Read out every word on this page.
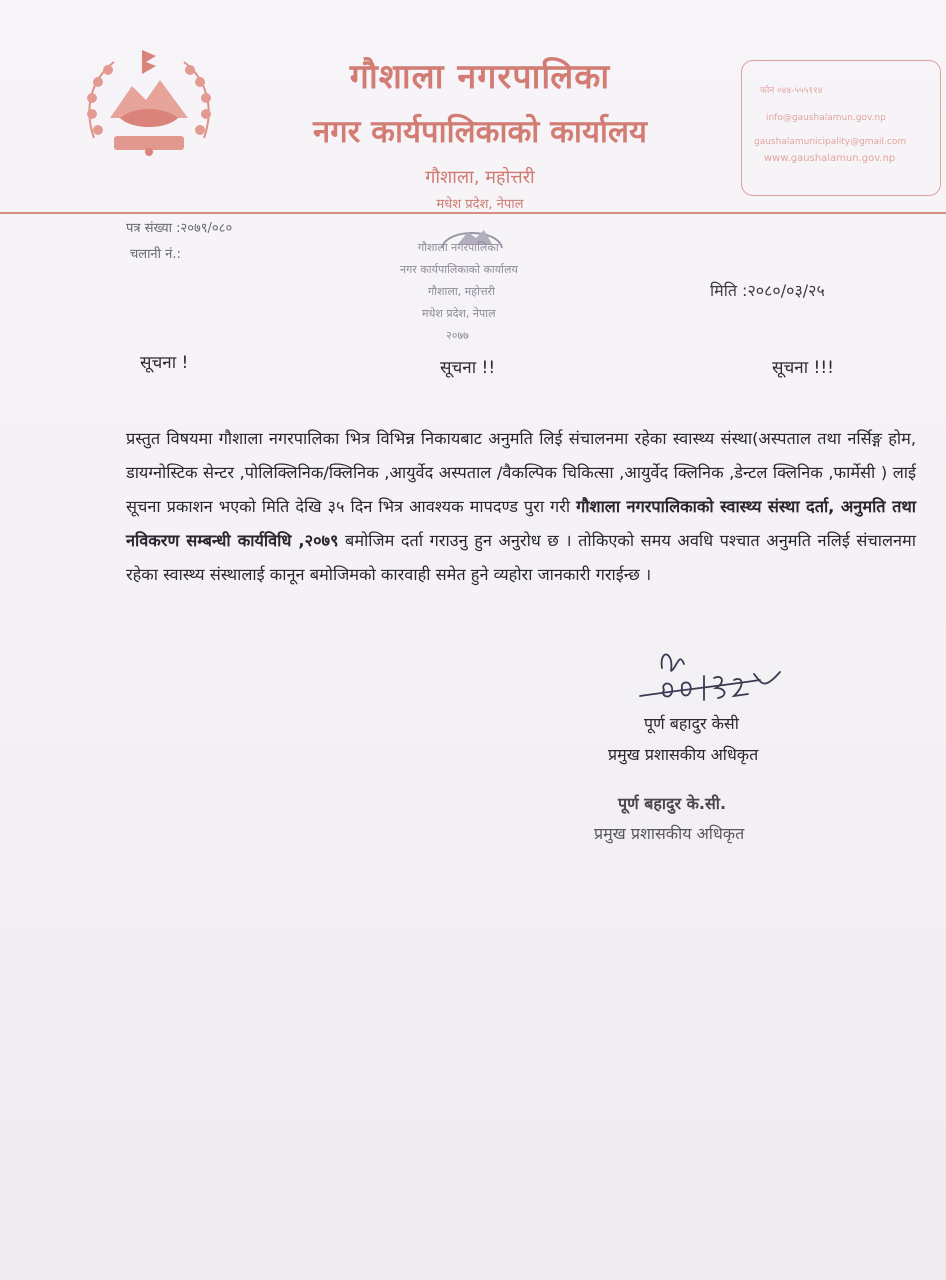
गौशाला नगरपालिका
नगर कार्यपालिकाको कार्यालय
गौशाला, महोत्तरी
मधेश प्रदेश, नेपाल
फोन ०४४-५५५११४
info@gaushalamun.gov.np
gaushalamunicipality@gmail.com
www.gaushalamun.gov.np
पत्र संख्या :२०७९/०८०
चलानी नं.:	गौशाला नगरपालिका
नगर कार्यपालिकाको कार्यालय
गौशाला, महोत्तरी
मधेश प्रदेश, नेपाल
२०७७
मिति :२०८०/०३/२५
सूचना !	सूचना !!	सूचना !!!
प्रस्तुत विषयमा गौशाला नगरपालिका भित्र विभिन्न निकायबाट अनुमति लिई संचालनमा रहेका स्वास्थ्य संस्था(अस्पताल तथा नर्सिङ्ग होम, डायग्नोस्टिक सेन्टर ,पोलिक्लिनिक/क्लिनिक ,आयुर्वेद अस्पताल /वैकल्पिक चिकित्सा ,आयुर्वेद क्लिनिक ,डेन्टल क्लिनिक ,फार्मेसी ) लाई सूचना प्रकाशन भएको मिति देखि ३५ दिन भित्र आवश्यक मापदण्ड पुरा गरी गौशाला नगरपालिकाको स्वास्थ्य संस्था दर्ता, अनुमति तथा नविकरण सम्बन्धी कार्यविधि ,२०७९ बमोजिम दर्ता गराउनु हुन अनुरोध छ । तोकिएको समय अवधि पश्चात अनुमति नलिई संचालनमा रहेका स्वास्थ्य संस्थालाई कानून बमोजिमको कारवाही समेत हुने व्यहोरा जानकारी गराईन्छ ।
पूर्ण बहादुर केसी
प्रमुख प्रशासकीय अधिकृत
पूर्ण बहादुर के.सी.
प्रमुख प्रशासकीय अधिकृत
